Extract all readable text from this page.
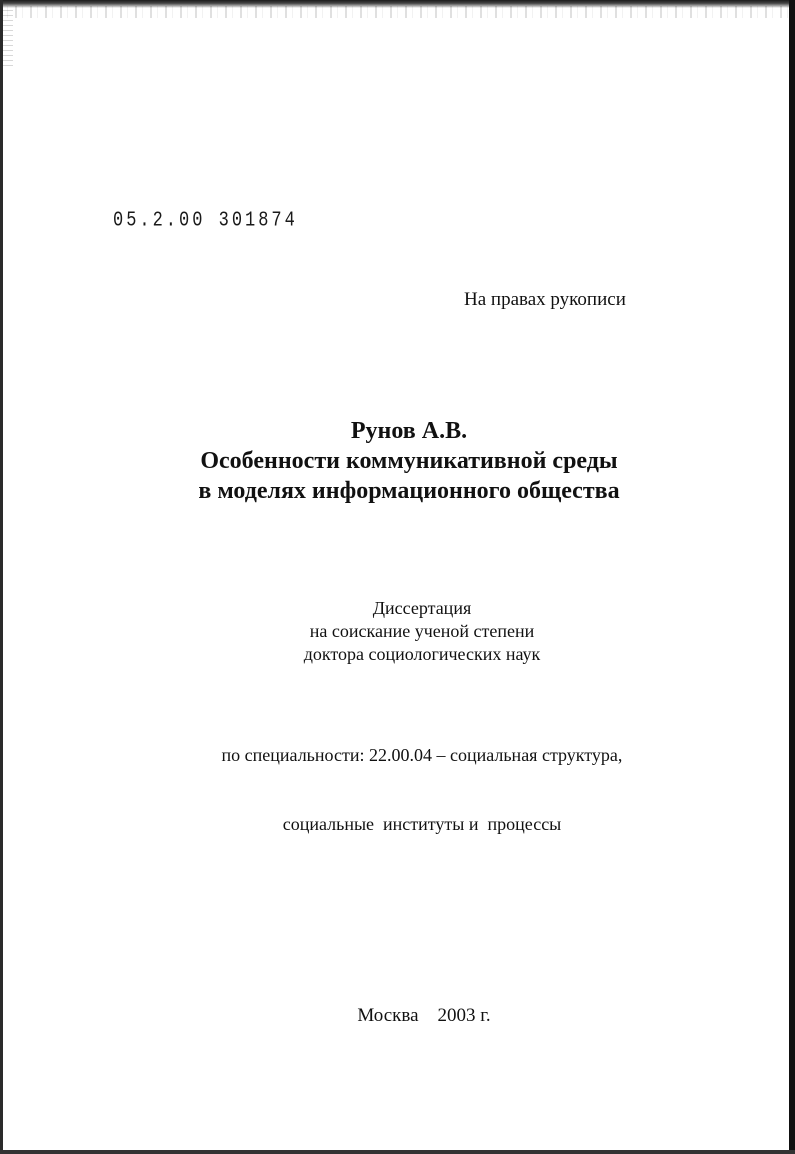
05.2.00 301874
На правах рукописи
Рунов А.В.
Особенности коммуникативной среды
в моделях информационного общества
Диссертация
на соискание ученой степени
доктора социологических наук

по специальности: 22.00.04 – социальная структура,

социальные  институты и  процессы

Москва 2003 г.
